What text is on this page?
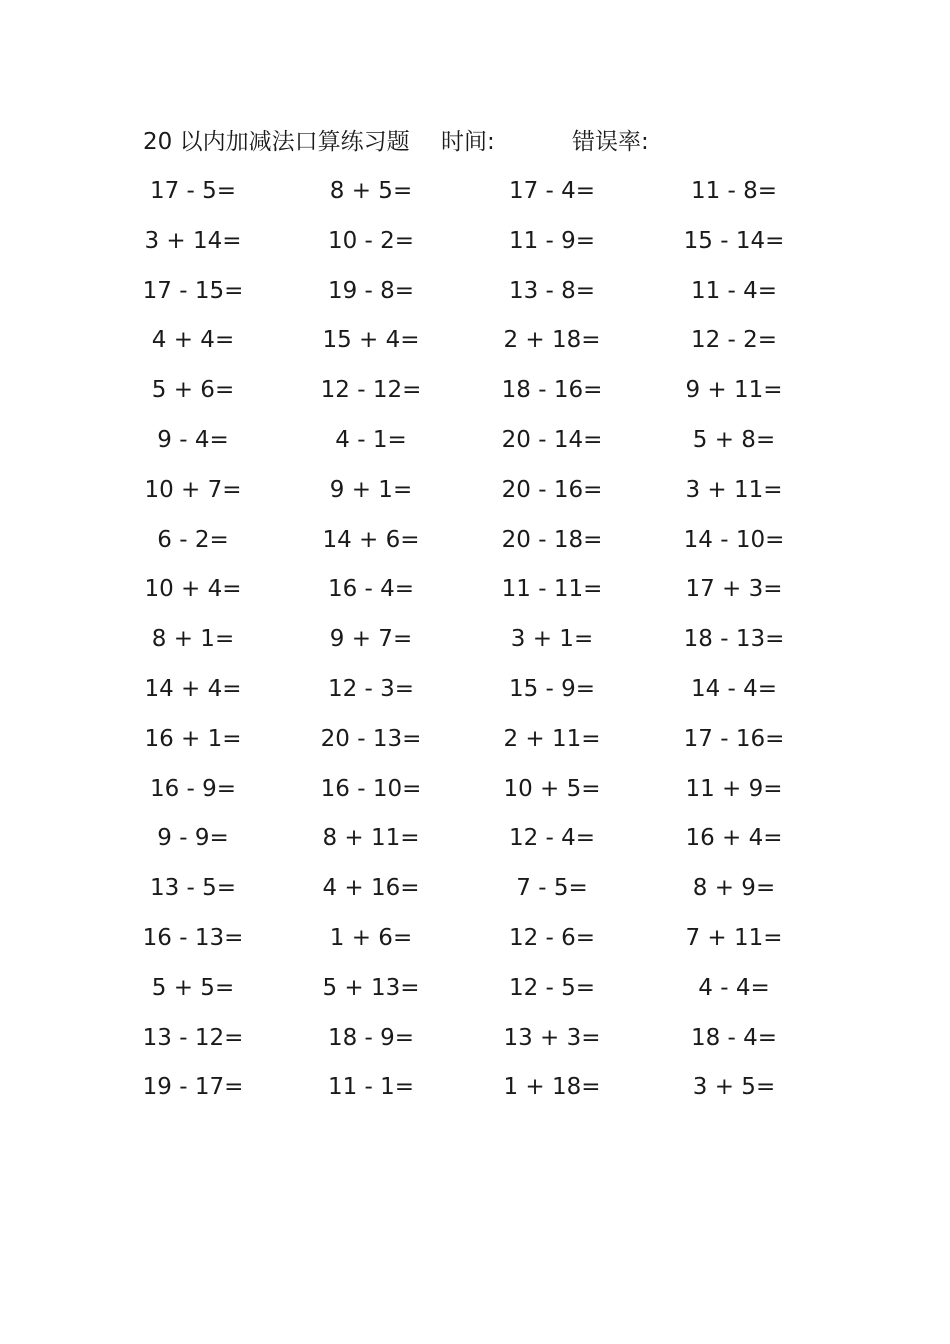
20 以内加减法口算练习题 时间:	错误率:
17 - 5=	8 + 5=	17 - 4=	11 - 8=
3 + 14=	10 - 2=	11 - 9=	15 - 14=
17 - 15=	19 - 8=	13 - 8=	11 - 4=
4 + 4=	15 + 4=	2 + 18=	12 - 2=
5 + 6=	12 - 12=	18 - 16=	9 + 11=
9 - 4=	4 - 1=	20 - 14=	5 + 8=
10 + 7=	9 + 1=	20 - 16=	3 + 11=
6 - 2=	14 + 6=	20 - 18=	14 - 10=
10 + 4=	16 - 4=	11 - 11=	17 + 3=
8 + 1=	9 + 7=	3 + 1=	18 - 13=
14 + 4=	12 - 3=	15 - 9=	14 - 4=
16 + 1=	20 - 13=	2 + 11=	17 - 16=
16 - 9=	16 - 10=	10 + 5=	11 + 9=
9 - 9=	8 + 11=	12 - 4=	16 + 4=
13 - 5=	4 + 16=	7 - 5=	8 + 9=
16 - 13=	1 + 6=	12 - 6=	7 + 11=
5 + 5=	5 + 13=	12 - 5=	4 - 4=
13 - 12=	18 - 9=	13 + 3=	18 - 4=
19 - 17=	11 - 1=	1 + 18=	3 + 5=
